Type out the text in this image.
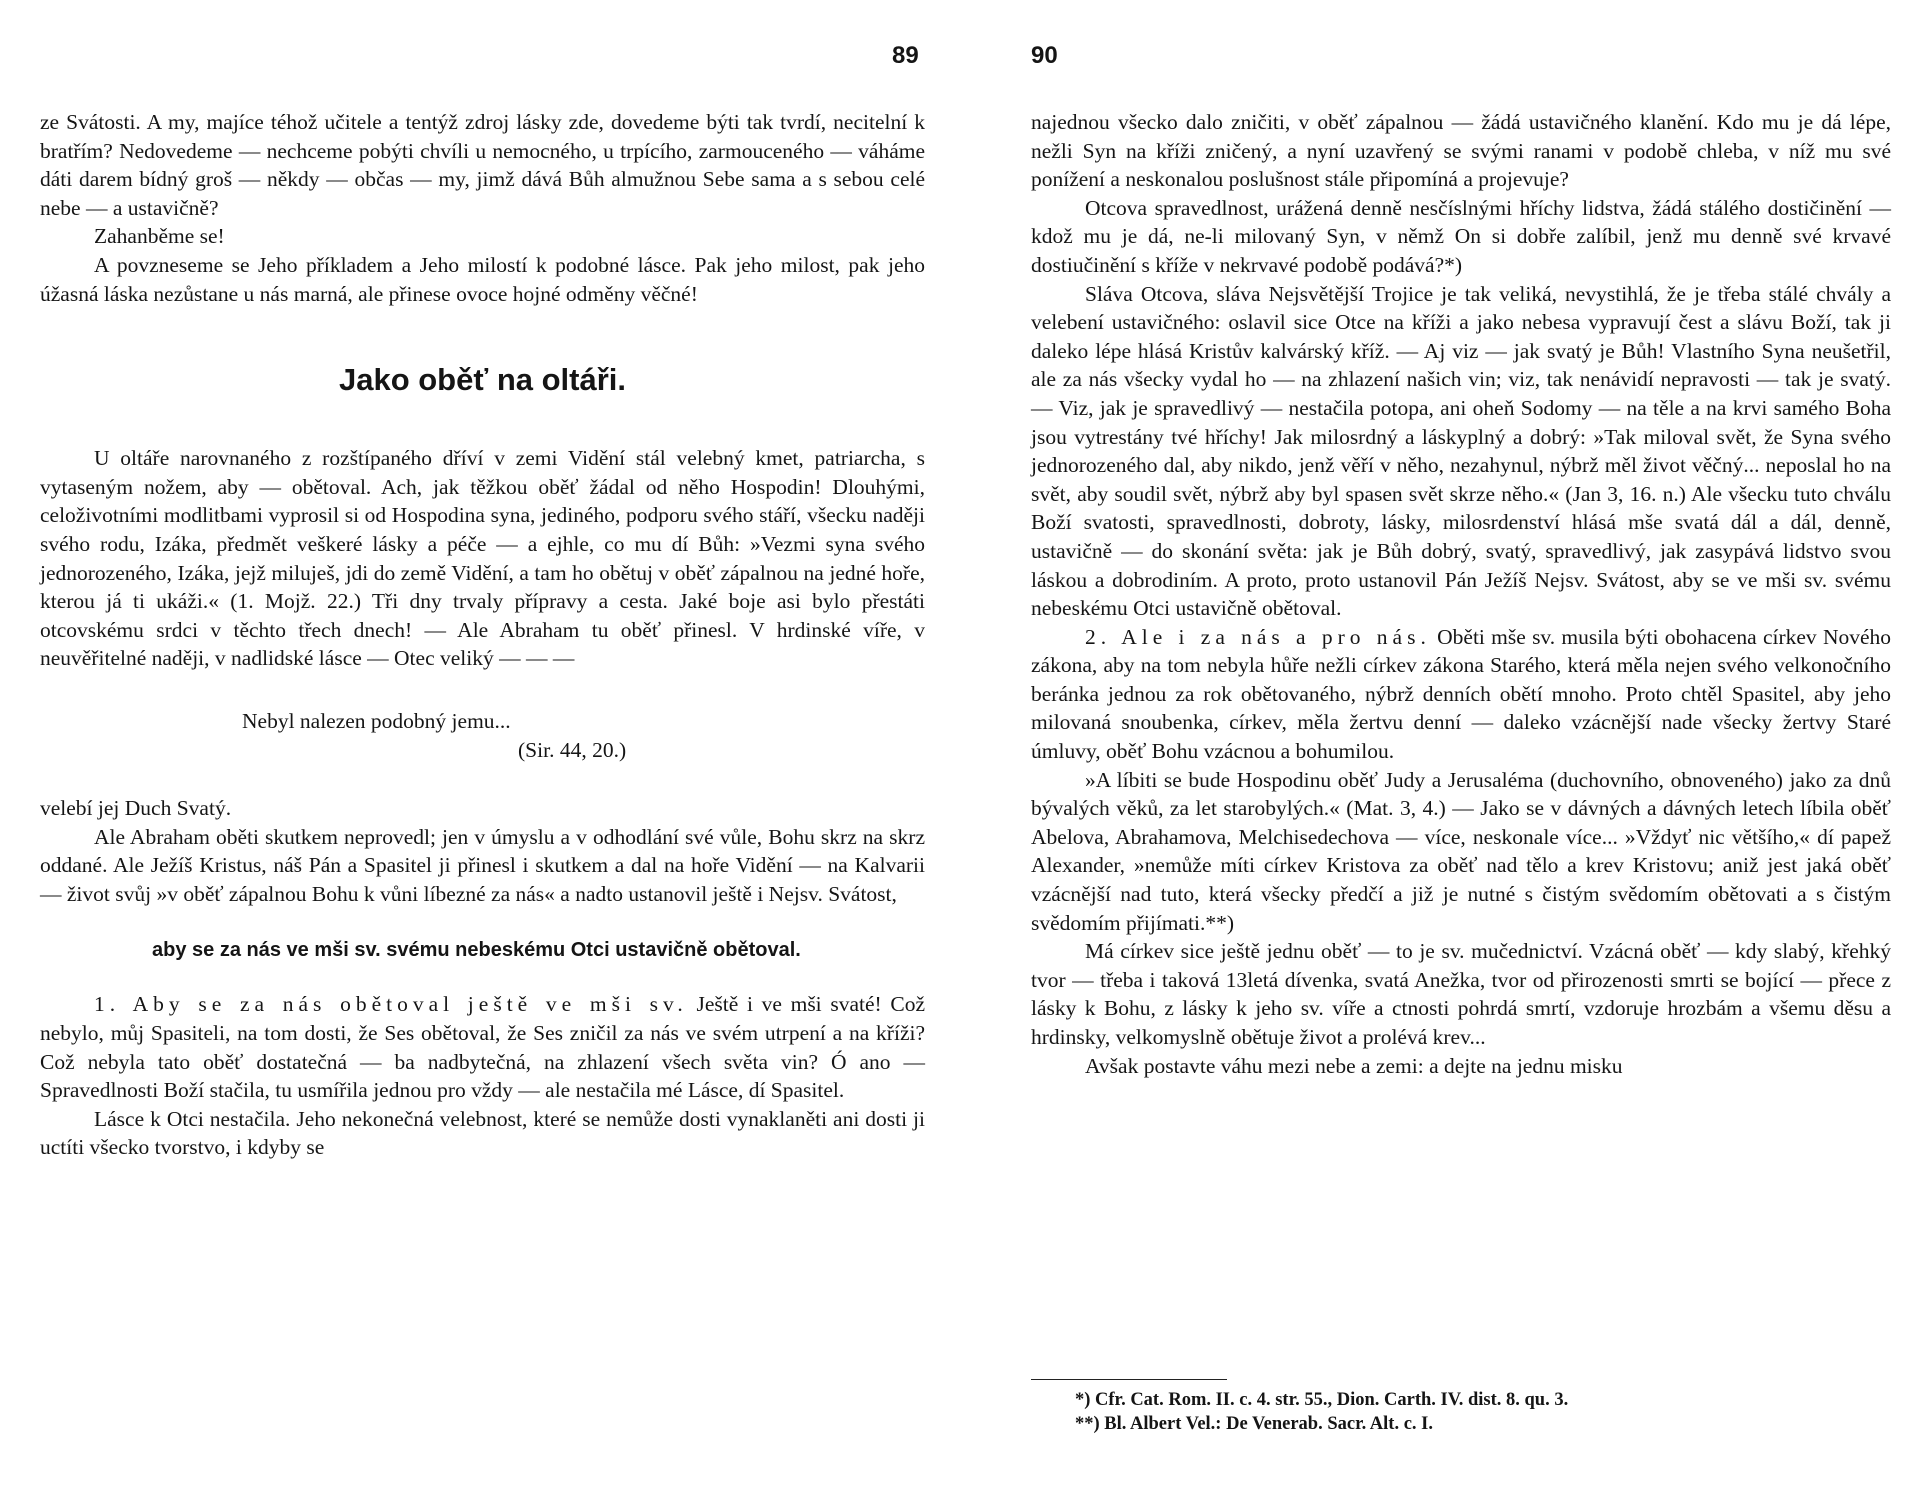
89

ze Svátosti. A my, majíce téhož učitele a tentýž zdroj lásky zde, dovedeme býti tak tvrdí, necitelní k bratřím? Nedovedeme — nechceme pobýti chvíli u nemocného, u trpícího, zarmouceného — váháme dáti darem bídný groš — někdy — občas — my, jimž dává Bůh almužnou Sebe sama a s sebou celé nebe — a ustavičně?

Zahanběme se!

A povzneseme se Jeho příkladem a Jeho milostí k podobné lásce. Pak jeho milost, pak jeho úžasná láska nezůstane u nás marná, ale přinese ovoce hojné odměny věčné!

Jako oběť na oltáři.

U oltáře narovnaného z rozštípaného dříví v zemi Vidění stál velebný kmet, patriarcha, s vytaseným nožem, aby — obětoval. Ach, jak těžkou oběť žádal od něho Hospodin! Dlouhými, celoživotními modlitbami vyprosil si od Hospodina syna, jediného, podporu svého stáří, všecku naději svého rodu, Izáka, předmět veškeré lásky a péče — a ejhle, co mu dí Bůh: »Vezmi syna svého jednorozeného, Izáka, jejž miluješ, jdi do země Vidění, a tam ho obětuj v oběť zápalnou na jedné hoře, kterou já ti ukáži.« (1. Mojž. 22.) Tři dny trvaly přípravy a cesta. Jaké boje asi bylo přestáti otcovskému srdci v těchto třech dnech! — Ale Abraham tu oběť přinesl. V hrdinské víře, v neuvěřitelné naději, v nadlidské lásce — Otec veliký — — —

Nebyl nalezen podobný jemu...
(Sir. 44, 20.)

velebí jej Duch Svatý.

Ale Abraham oběti skutkem neprovedl; jen v úmyslu a v odhodlání své vůle, Bohu skrz na skrz oddané. Ale Ježíš Kristus, náš Pán a Spasitel ji přinesl i skutkem a dal na hoře Vidění — na Kalvarii — život svůj »v oběť zápalnou Bohu k vůni líbezné za nás« a nadto ustanovil ještě i Nejsv. Svátost,

aby se za nás ve mši sv. svému nebeskému Otci ustavičně obětoval.

1. Aby se za nás obětoval ještě ve mši sv. Ještě i ve mši svaté! Což nebylo, můj Spasiteli, na tom dosti, že Ses obětoval, že Ses zničil za nás ve svém utrpení a na kříži? Což nebyla tato oběť dostatečná — ba nadbytečná, na zhlazení všech světa vin? Ó ano — Spravedlnosti Boží stačila, tu usmířila jednou pro vždy — ale nestačila mé Lásce, dí Spasitel.

Lásce k Otci nestačila. Jeho nekonečná velebnost, které se nemůže dosti vynaklaněti ani dosti ji uctíti všecko tvorstvo, i kdyby se

90

najednou všecko dalo zničiti, v oběť zápalnou — žádá ustavičného klanění. Kdo mu je dá lépe, nežli Syn na kříži zničený, a nyní uzavřený se svými ranami v podobě chleba, v níž mu své ponížení a neskonalou poslušnost stále připomíná a projevuje?

Otcova spravedlnost, urážená denně nesčíslnými hříchy lidstva, žádá stálého dostičinění — kdož mu je dá, ne-li milovaný Syn, v němž On si dobře zalíbil, jenž mu denně své krvavé dostiučinění s kříže v nekrvavé podobě podává?*)

Sláva Otcova, sláva Nejsvětější Trojice je tak veliká, nevystihlá, že je třeba stálé chvály a velebení ustavičného: oslavil sice Otce na kříži a jako nebesa vypravují čest a slávu Boží, tak ji daleko lépe hlásá Kristův kalvárský kříž. — Aj viz — jak svatý je Bůh! Vlastního Syna neušetřil, ale za nás všecky vydal ho — na zhlazení našich vin; viz, tak nenávidí nepravosti — tak je svatý. — Viz, jak je spravedlivý — nestačila potopa, ani oheň Sodomy — na těle a na krvi samého Boha jsou vytrestány tvé hříchy! Jak milosrdný a láskyplný a dobrý: »Tak miloval svět, že Syna svého jednorozeného dal, aby nikdo, jenž věří v něho, nezahynul, nýbrž měl život věčný... neposlal ho na svět, aby soudil svět, nýbrž aby byl spasen svět skrze něho.« (Jan 3, 16. n.) Ale všecku tuto chválu Boží svatosti, spravedlnosti, dobroty, lásky, milosrdenství hlásá mše svatá dál a dál, denně, ustavičně — do skonání světa: jak je Bůh dobrý, svatý, spravedlivý, jak zasypává lidstvo svou láskou a dobrodiním. A proto, proto ustanovil Pán Ježíš Nejsv. Svátost, aby se ve mši sv. svému nebeskému Otci ustavičně obětoval.

2. Ale i za nás a pro nás. Oběti mše sv. musila býti obohacena církev Nového zákona, aby na tom nebyla hůře nežli církev zákona Starého, která měla nejen svého velkonočního beránka jednou za rok obětovaného, nýbrž denních obětí mnoho. Proto chtěl Spasitel, aby jeho milovaná snoubenka, církev, měla žertvu denní — daleko vzácnější nade všecky žertvy Staré úmluvy, oběť Bohu vzácnou a bohumilou.

»A líbiti se bude Hospodinu oběť Judy a Jerusaléma (duchovního, obnoveného) jako za dnů bývalých věků, za let starobylých.« (Mat. 3, 4.) — Jako se v dávných a dávných letech líbila oběť Abelova, Abrahamova, Melchisedechova — více, neskonale více... »Vždyť nic většího,« dí papež Alexander, »nemůže míti církev Kristova za oběť nad tělo a krev Kristovu; aniž jest jaká oběť vzácnější nad tuto, která všecky předčí a již je nutné s čistým svědomím obětovati a s čistým svědomím přijímati.**)

Má církev sice ještě jednu oběť — to je sv. mučednictví. Vzácná oběť — kdy slabý, křehký tvor — třeba i taková 13letá dívenka, svatá Anežka, tvor od přirozenosti smrti se bojící — přece z lásky k Bohu, z lásky k jeho sv. víře a ctnosti pohrdá smrtí, vzdoruje hrozbám a všemu děsu a hrdinsky, velkomyslně obětuje život a prolévá krev...

Avšak postavte váhu mezi nebe a zemi: a dejte na jednu misku

*) Cfr. Cat. Rom. II. c. 4. str. 55., Dion. Carth. IV. dist. 8. qu. 3.

**) Bl. Albert Vel.: De Venerab. Sacr. Alt. c. I.
